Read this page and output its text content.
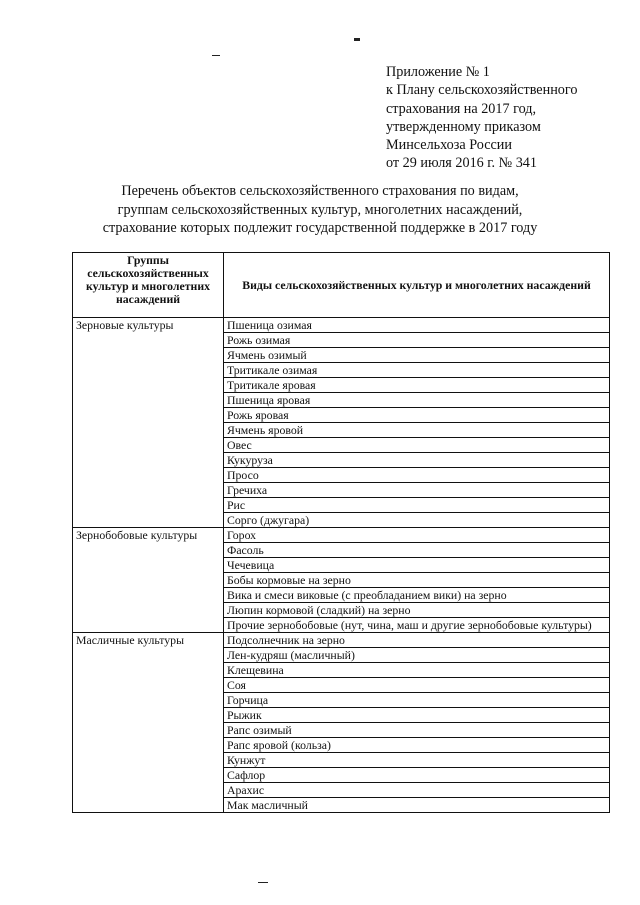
Приложение № 1
к Плану сельскохозяйственного
страхования на 2017 год,
утвержденному приказом
Минсельхоза России
от 29 июля 2016 г. № 341
Перечень объектов сельскохозяйственного страхования по видам,
группам сельскохозяйственных культур, многолетних насаждений,
страхование которых подлежит государственной поддержке в 2017 году
Группы сельскохозяйственных культур и многолетних насаждений	Виды сельскохозяйственных культур и многолетних насаждений
Зерновые культуры	Пшеница озимая
	Рожь озимая
	Ячмень озимый
	Тритикале озимая
	Тритикале яровая
	Пшеница яровая
	Рожь яровая
	Ячмень яровой
	Овес
	Кукуруза
	Просо
	Гречиха
	Рис
	Сорго (джугара)
Зернобобовые культуры	Горох
	Фасоль
	Чечевица
	Бобы кормовые на зерно
	Вика и смеси виковые (с преобладанием вики) на зерно
	Люпин кормовой (сладкий) на зерно
	Прочие зернобобовые (нут, чина, маш и другие зернобобовые культуры)
Масличные культуры	Подсолнечник на зерно
	Лен-кудряш (масличный)
	Клещевина
	Соя
	Горчица
	Рыжик
	Рапс озимый
	Рапс яровой (кольза)
	Кунжут
	Сафлор
	Арахис
	Мак масличный
